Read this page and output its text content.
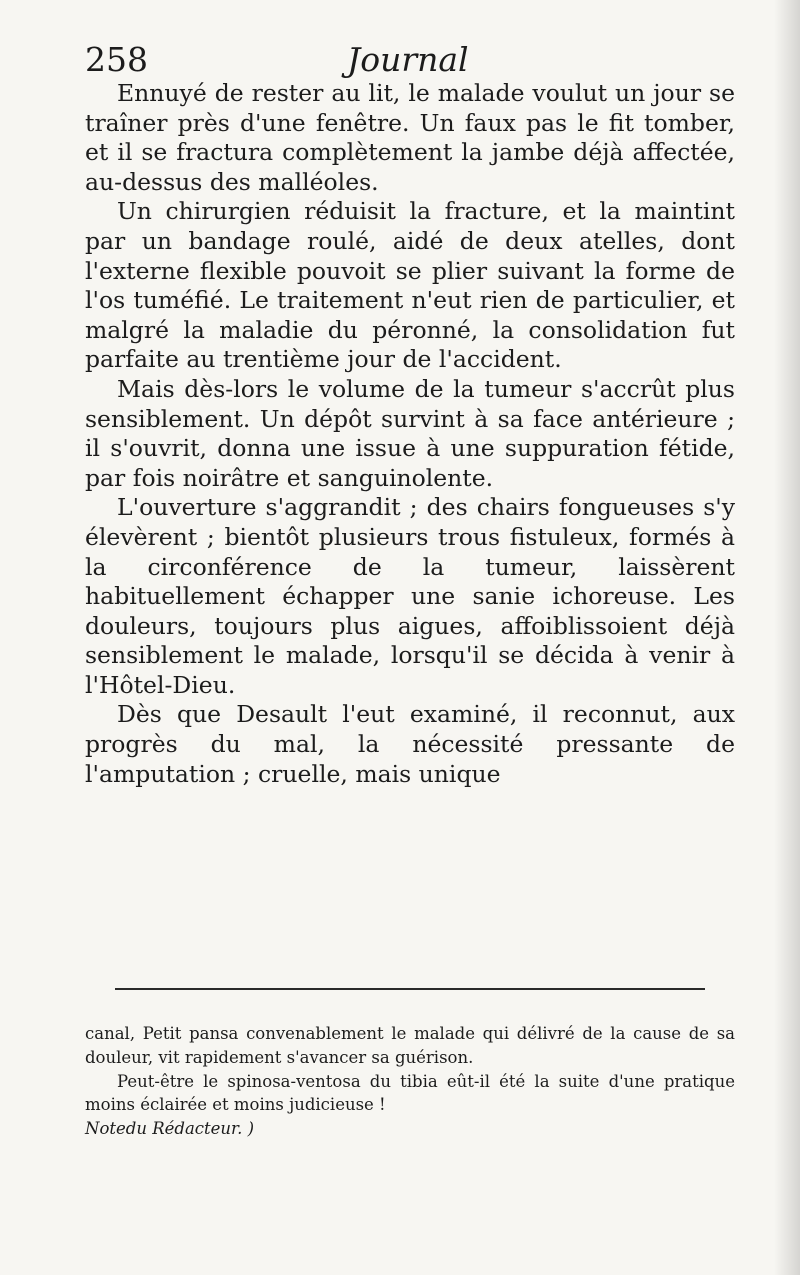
258	Journal

Ennuyé de rester au lit, le malade voulut un jour se traîner près d'une fenêtre. Un faux pas le fit tomber, et il se fractura complètement la jambe déjà affectée, au-dessus des malléoles.

Un chirurgien réduisit la fracture, et la maintint par un bandage roulé, aidé de deux atelles, dont l'externe flexible pouvoit se plier suivant la forme de l'os tuméfié. Le traitement n'eut rien de particulier, et malgré la maladie du péronné, la consolidation fut parfaite au trentième jour de l'accident.

Mais dès-lors le volume de la tumeur s'accrût plus sensiblement. Un dépôt survint à sa face antérieure ; il s'ouvrit, donna une issue à une suppuration fétide, par fois noirâtre et sanguinolente.

L'ouverture s'aggrandit ; des chairs fongueuses s'y élevèrent ; bientôt plusieurs trous fistuleux, formés à la circonférence de la tumeur, laissèrent habituellement échapper une sanie ichoreuse. Les douleurs, toujours plus aigues, affoiblissoient déjà sensiblement le malade, lorsqu'il se décida à venir à l'Hôtel-Dieu.

Dès que Desault l'eut examiné, il reconnut, aux progrès du mal, la nécessité pressante de l'amputation ; cruelle, mais unique

canal, Petit pansa convenablement le malade qui délivré de la cause de sa douleur, vit rapidement s'avancer sa guérison.

Peut-être le spinosa-ventosa du tibia eût-il été la suite d'une pratique moins éclairée et moins judicieuse !

Notedu Rédacteur. )
